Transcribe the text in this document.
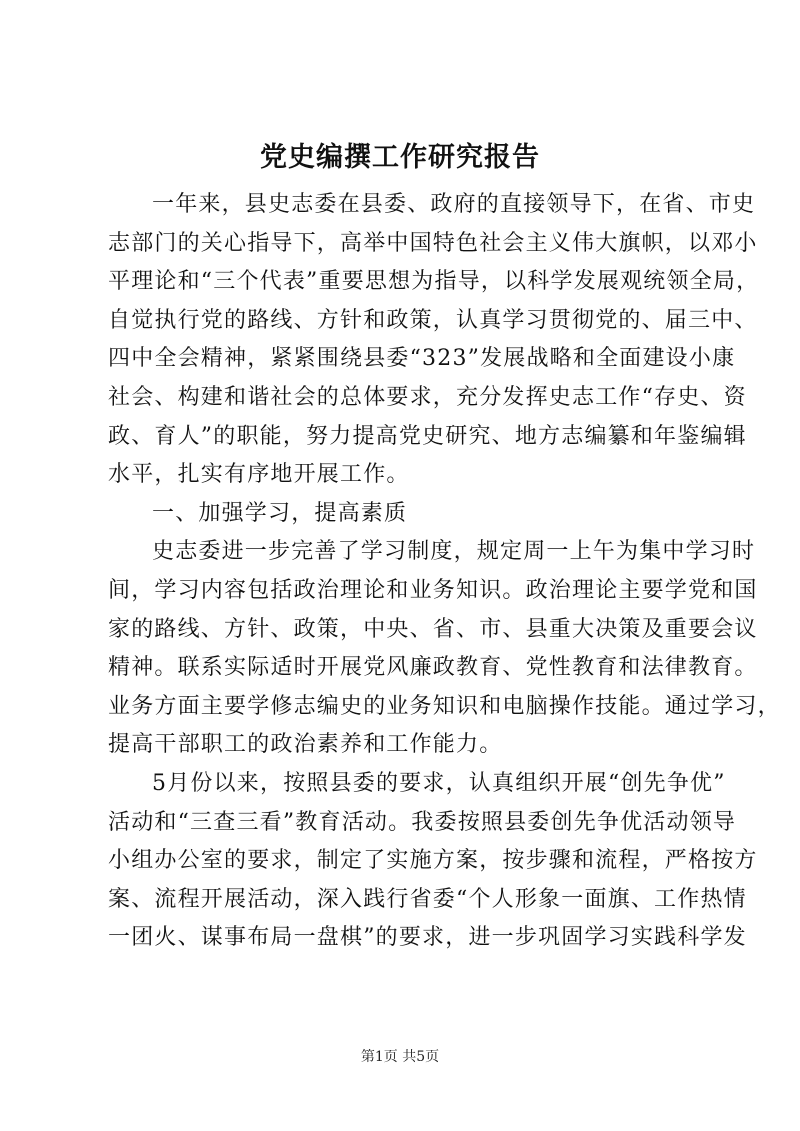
党史编撰工作研究报告
一年来，县史志委在县委、政府的直接领导下，在省、市史
志部门的关心指导下，高举中国特色社会主义伟大旗帜，以邓小
平理论和“三个代表”重要思想为指导，以科学发展观统领全局，
自觉执行党的路线、方针和政策，认真学习贯彻党的、届三中、
四中全会精神，紧紧围绕县委“323”发展战略和全面建设小康
社会、构建和谐社会的总体要求，充分发挥史志工作“存史、资
政、育人”的职能，努力提高党史研究、地方志编纂和年鉴编辑
水平，扎实有序地开展工作。
一、加强学习，提高素质
史志委进一步完善了学习制度，规定周一上午为集中学习时
间，学习内容包括政治理论和业务知识。政治理论主要学党和国
家的路线、方针、政策，中央、省、市、县重大决策及重要会议
精神。联系实际适时开展党风廉政教育、党性教育和法律教育。
业务方面主要学修志编史的业务知识和电脑操作技能。通过学习，
提高干部职工的政治素养和工作能力。
5月份以来，按照县委的要求，认真组织开展“创先争优”
活动和“三查三看”教育活动。我委按照县委创先争优活动领导
小组办公室的要求，制定了实施方案，按步骤和流程，严格按方
案、流程开展活动，深入践行省委“个人形象一面旗、工作热情
一团火、谋事布局一盘棋”的要求，进一步巩固学习实践科学发
第1页 共5页
